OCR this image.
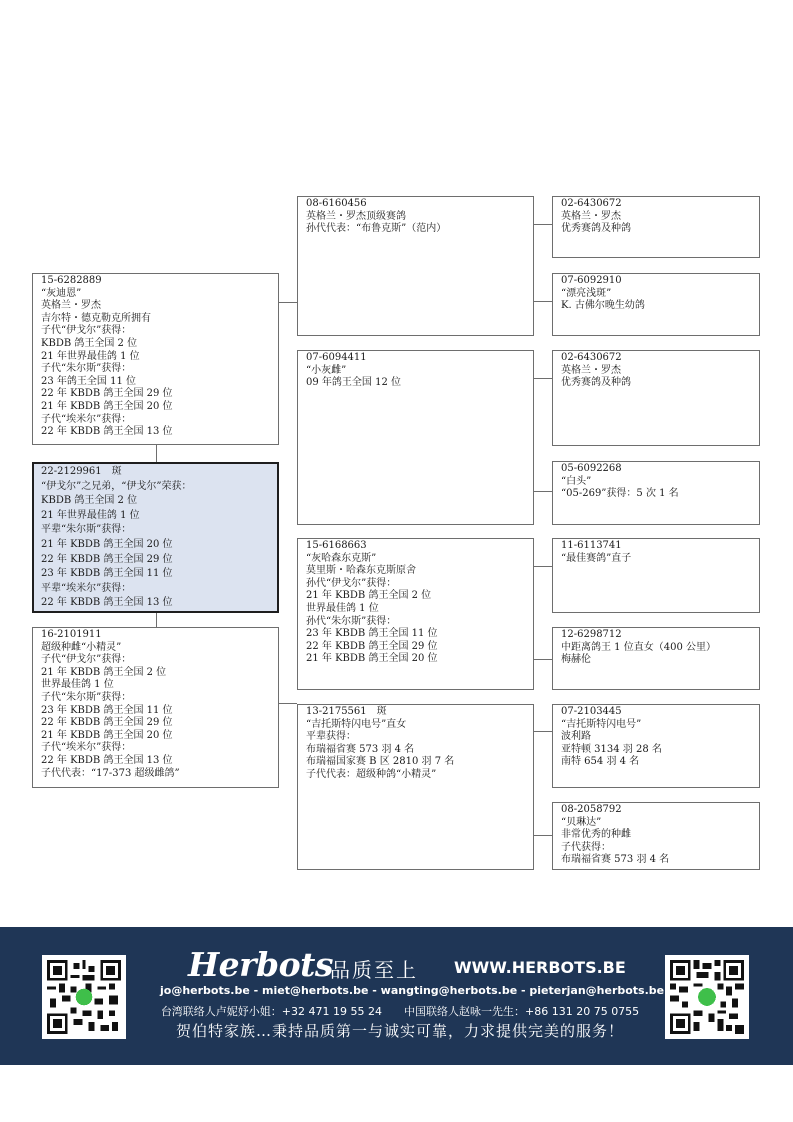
15-6282889
“灰迪恩”
英格兰・罗杰
吉尔特・德克勒克所拥有
子代“伊戈尔”获得：
KBDB 鸽王全国 2 位
21 年世界最佳鸽 1 位
子代“朱尔斯”获得：
23 年鸽王全国 11 位
22 年 KBDB 鸽王全国 29 位
21 年 KBDB 鸽王全国 20 位
子代“埃米尔”获得：
22 年 KBDB 鸽王全国 13 位
22-2129961　斑
“伊戈尔”之兄弟，“伊戈尔”荣获：
KBDB 鸽王全国 2 位
21 年世界最佳鸽 1 位
平辈“朱尔斯”获得：
21 年 KBDB 鸽王全国 20 位
22 年 KBDB 鸽王全国 29 位
23 年 KBDB 鸽王全国 11 位
平辈“埃米尔”获得：
22 年 KBDB 鸽王全国 13 位
16-2101911
超级种雌“小精灵”
子代“伊戈尔”获得：
21 年 KBDB 鸽王全国 2 位
世界最佳鸽 1 位
子代“朱尔斯”获得：
23 年 KBDB 鸽王全国 11 位
22 年 KBDB 鸽王全国 29 位
21 年 KBDB 鸽王全国 20 位
子代“埃米尔”获得：
22 年 KBDB 鸽王全国 13 位
子代代表：“17-373 超级雌鸽”
08-6160456
英格兰・罗杰顶级赛鸽
孙代代表：“布鲁克斯”（范内）
07-6094411
“小灰雌”
09 年鸽王全国 12 位
15-6168663
“灰哈森东克斯”
莫里斯・哈森东克斯原舍
孙代“伊戈尔”获得：
21 年 KBDB 鸽王全国 2 位
世界最佳鸽 1 位
孙代“朱尔斯”获得：
23 年 KBDB 鸽王全国 11 位
22 年 KBDB 鸽王全国 29 位
21 年 KBDB 鸽王全国 20 位
13-2175561　斑
“吉托斯特闪电号”直女
平辈获得：
布瑞福省赛 573 羽 4 名
布瑞福国家赛 B 区 2810 羽 7 名
子代代表：超级种鸽“小精灵”
02-6430672
英格兰・罗杰
优秀赛鸽及种鸽
07-6092910
“漂亮浅斑”
K. 古佛尔晚生幼鸽
02-6430672
英格兰・罗杰
优秀赛鸽及种鸽
05-6092268
“白头”
“05-269”获得：5 次 1 名
11-6113741
“最佳赛鸽”直子
12-6298712
中距离鸽王 1 位直女（400 公里）
梅赫伦
07-2103445
“吉托斯特闪电号”
波利路
亚特顿 3134 羽 28 名
南特 654 羽 4 名
08-2058792
“贝琳达”
非常优秀的种雌
子代获得：
布瑞福省赛 573 羽 4 名
Herbots
品质至上 WWW.HERBOTS.BE
jo@herbots.be - miet@herbots.be - wangting@herbots.be - pieterjan@herbots.be
台湾联络人卢妮妤小姐：+32 471 19 55 24　　中国联络人赵咏一先生：+86 131 20 75 0755
贺伯特家族…秉持品质第一与诚实可靠，力求提供完美的服务！
